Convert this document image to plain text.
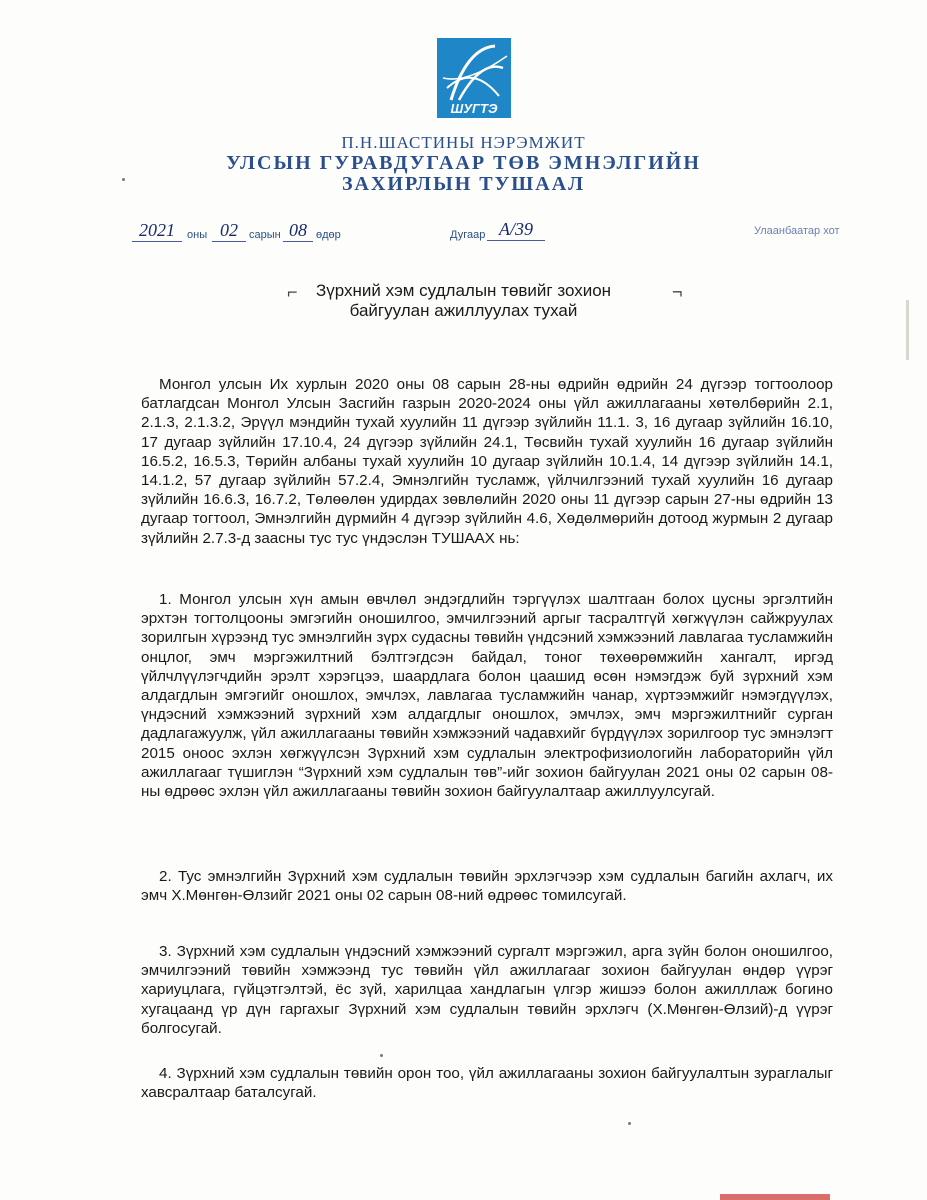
ШУГТЭ
П.Н.ШАСТИНЫ НЭРЭМЖИТ
УЛСЫН ГУРАВДУГААР ТӨВ ЭМНЭЛГИЙН
ЗАХИРЛЫН ТУШААЛ
2021	оны 02	сарын 08 өдөр	Дугаар A/39	Улаанбаатар хот
⌐	¬
Зүрхний хэм судлалын төвийг зохион
байгуулан ажиллуулах тухай
Монгол улсын Их хурлын 2020 оны 08 сарын 28-ны өдрийн өдрийн 24 дүгээр тогтоолоор батлагдсан Монгол Улсын Засгийн газрын 2020-2024 оны үйл ажиллагааны хөтөлбөрийн 2.1, 2.1.3, 2.1.3.2, Эрүүл мэндийн тухай хуулийн 11 дүгээр зүйлийн 11.1. 3, 16 дугаар зүйлийн 16.10, 17 дугаар зүйлийн 17.10.4, 24 дүгээр зүйлийн 24.1, Төсвийн тухай хуулийн 16 дугаар зүйлийн 16.5.2, 16.5.3, Төрийн албаны тухай хуулийн 10 дугаар зүйлийн 10.1.4, 14 дүгээр зүйлийн 14.1, 14.1.2, 57 дугаар зүйлийн 57.2.4, Эмнэлгийн тусламж, үйлчилгээний тухай хуулийн 16 дугаар зүйлийн 16.6.3, 16.7.2, Төлөөлөн удирдах зөвлөлийн 2020 оны 11 дүгээр сарын 27-ны өдрийн 13 дугаар тогтоол, Эмнэлгийн дүрмийн 4 дүгээр зүйлийн 4.6, Хөдөлмөрийн дотоод журмын 2 дугаар зүйлийн 2.7.3-д заасны тус тус үндэслэн ТУШААХ нь:
1. Монгол улсын хүн амын өвчлөл эндэгдлийн тэргүүлэх шалтгаан болох цусны эргэлтийн эрхтэн тогтолцооны эмгэгийн оношилгоо, эмчилгээний аргыг тасралтгүй хөгжүүлэн сайжруулах зорилгын хүрээнд тус эмнэлгийн зүрх судасны төвийн үндсэний хэмжээний лавлагаа тусламжийн онцлог, эмч мэргэжилтний бэлтгэгдсэн байдал, тоног төхөөрөмжийн хангалт, иргэд үйлчлүүлэгчдийн эрэлт хэрэгцээ, шаардлага болон цаашид өсөн нэмэгдэж буй зүрхний хэм алдагдлын эмгэгийг оношлох, эмчлэх, лавлагаа тусламжийн чанар, хүртээмжийг нэмэгдүүлэх, үндэсний хэмжээний зүрхний хэм алдагдлыг оношлох, эмчлэх, эмч мэргэжилтнийг сурган дадлагажуулж, үйл ажиллагааны төвийн хэмжээний чадавхийг бүрдүүлэх зорилгоор тус эмнэлэгт 2015 оноос эхлэн хөгжүүлсэн Зүрхний хэм судлалын электрофизиологийн лабораторийн үйл ажиллагааг түшиглэн “Зүрхний хэм судлалын төв”-ийг зохион байгуулан 2021 оны 02 сарын 08-ны өдрөөс эхлэн үйл ажиллагааны төвийн зохион байгуулалтаар ажиллуулсугай.
2. Тус эмнэлгийн Зүрхний хэм судлалын төвийн эрхлэгчээр хэм судлалын багийн ахлагч, их эмч Х.Мөнгөн-Өлзийг 2021 оны 02 сарын 08-ний өдрөөс томилсугай.
3. Зүрхний хэм судлалын үндэсний хэмжээний сургалт мэргэжил, арга зүйн болон оношилгоо, эмчилгээний төвийн хэмжээнд тус төвийн үйл ажиллагааг зохион байгуулан өндөр үүрэг хариуцлага, гүйцэтгэлтэй, ёс зүй, харилцаа хандлагын үлгэр жишээ болон ажилллаж богино хугацаанд үр дүн гаргахыг Зүрхний хэм судлалын төвийн эрхлэгч (Х.Мөнгөн-Өлзий)-д үүрэг болгосугай.
4. Зүрхний хэм судлалын төвийн орон тоо, үйл ажиллагааны зохион байгуулалтын зураглалыг хавсралтаар баталсугай.
